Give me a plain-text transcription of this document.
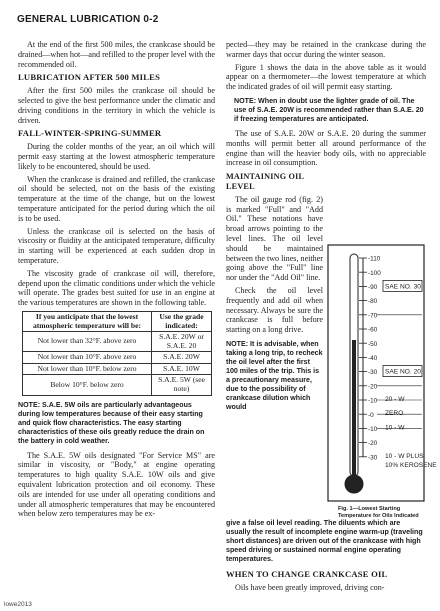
GENERAL LUBRICATION 0-2

At the end of the first 500 miles, the crankcase should be drained—when hot—and refilled to the proper level with the recommended oil.

LUBRICATION AFTER 500 MILES

After the first 500 miles the crankcase oil should be selected to give the best performance under the climatic and driving conditions in the territory in which the vehicle is driven.

FALL-WINTER-SPRING-SUMMER

During the colder months of the year, an oil which will permit easy starting at the lowest atmospheric temperature likely to be encountered, should be used.

When the crankcase is drained and refilled, the crankcase oil should be selected, not on the basis of the existing temperature at the time of the change, but on the lowest temperature anticipated for the period during which the oil is to be used.

Unless the crankcase oil is selected on the basis of viscosity or fluidity at the anticipated temperature, difficulty in starting will be experienced at each sudden drop in temperature.

The viscosity grade of crankcase oil will, therefore, depend upon the climatic conditions under which the vehicle will operate. The grades best suited for use in an engine at the various temperatures are shown in the following table.

If you anticipate that the lowest atmospheric temperature will be:	Use the grade indicated:
Not lower than 32°F. above zero	S.A.E. 20W or S.A.E. 20
Not lower than 10°F. above zero	S.A.E. 20W
Not lower than 10°F. below zero	S.A.E. 10W
Below 10°F. below zero	S.A.E. 5W (see note)
NOTE: S.A.E. 5W oils are particularly advantageous during low temperatures because of their easy starting and quick flow characteristics. The easy starting characteristics of these oils greatly reduce the drain on the battery in cold weather.

The S.A.E. 5W oils designated "For Service MS" are similar in viscosity, or "Body," at engine operating temperatures to high quality S.A.E. 10W oils and give equivalent lubrication protection and oil economy. These oils are intended for use under all operating conditions and under all atmospheric temperatures that may be encountered when below zero temperatures may be ex-

pected—they may be retained in the crankcase during the warmer days that occur during the winter season.

Figure 1 shows the data in the above table as it would appear on a thermometer—the lowest temperature at which the indicated grades of oil will permit easy starting.

NOTE: When in doubt use the lighter grade of oil. The use of S.A.E. 20W is recommended rather than S.A.E. 20 if freezing temperatures are anticipated.

The use of S.A.E. 20W or S.A.E. 20 during the summer months will permit better all around performance of the engine than will the heavier body oils, with no appreciable increase in oil consumption.

MAINTAINING OIL LEVEL

The oil gauge rod (fig. 2) is marked "Full" and "Add Oil." These notations have broad arrows pointing to the level lines. The oil level should be maintained between the two lines, neither going above the "Full" line nor under the "Add Oil" line.

Check the oil level frequently and add oil when necessary. Always be sure the crankcase is full before starting on a long drive.

NOTE: It is advisable, when taking a long trip, to recheck the oil level after the first 100 miles of the trip. This is a precautionary measure, due to the possibility of crankcase dilution which would
-110
-100
-90
-80
-70
-60
-50
-40
-30
-20
-10
-0
-10
-20
-30
SAE NO. 30
SAE NO. 20
20 - W
ZERO
10 - W
10 - W PLUS
10% KEROSENE
Fig. 1—Lowest Starting Temperature for Oils Indicated
give a false oil level reading. The diluents which are usually the result of incomplete engine warm-up (traveling short distances) are driven out of the crankcase with high speed driving or sustained normal engine operating temperatures.
WHEN TO CHANGE CRANKCASE OIL

Oils have been greatly improved, driving con-

lowe2013
